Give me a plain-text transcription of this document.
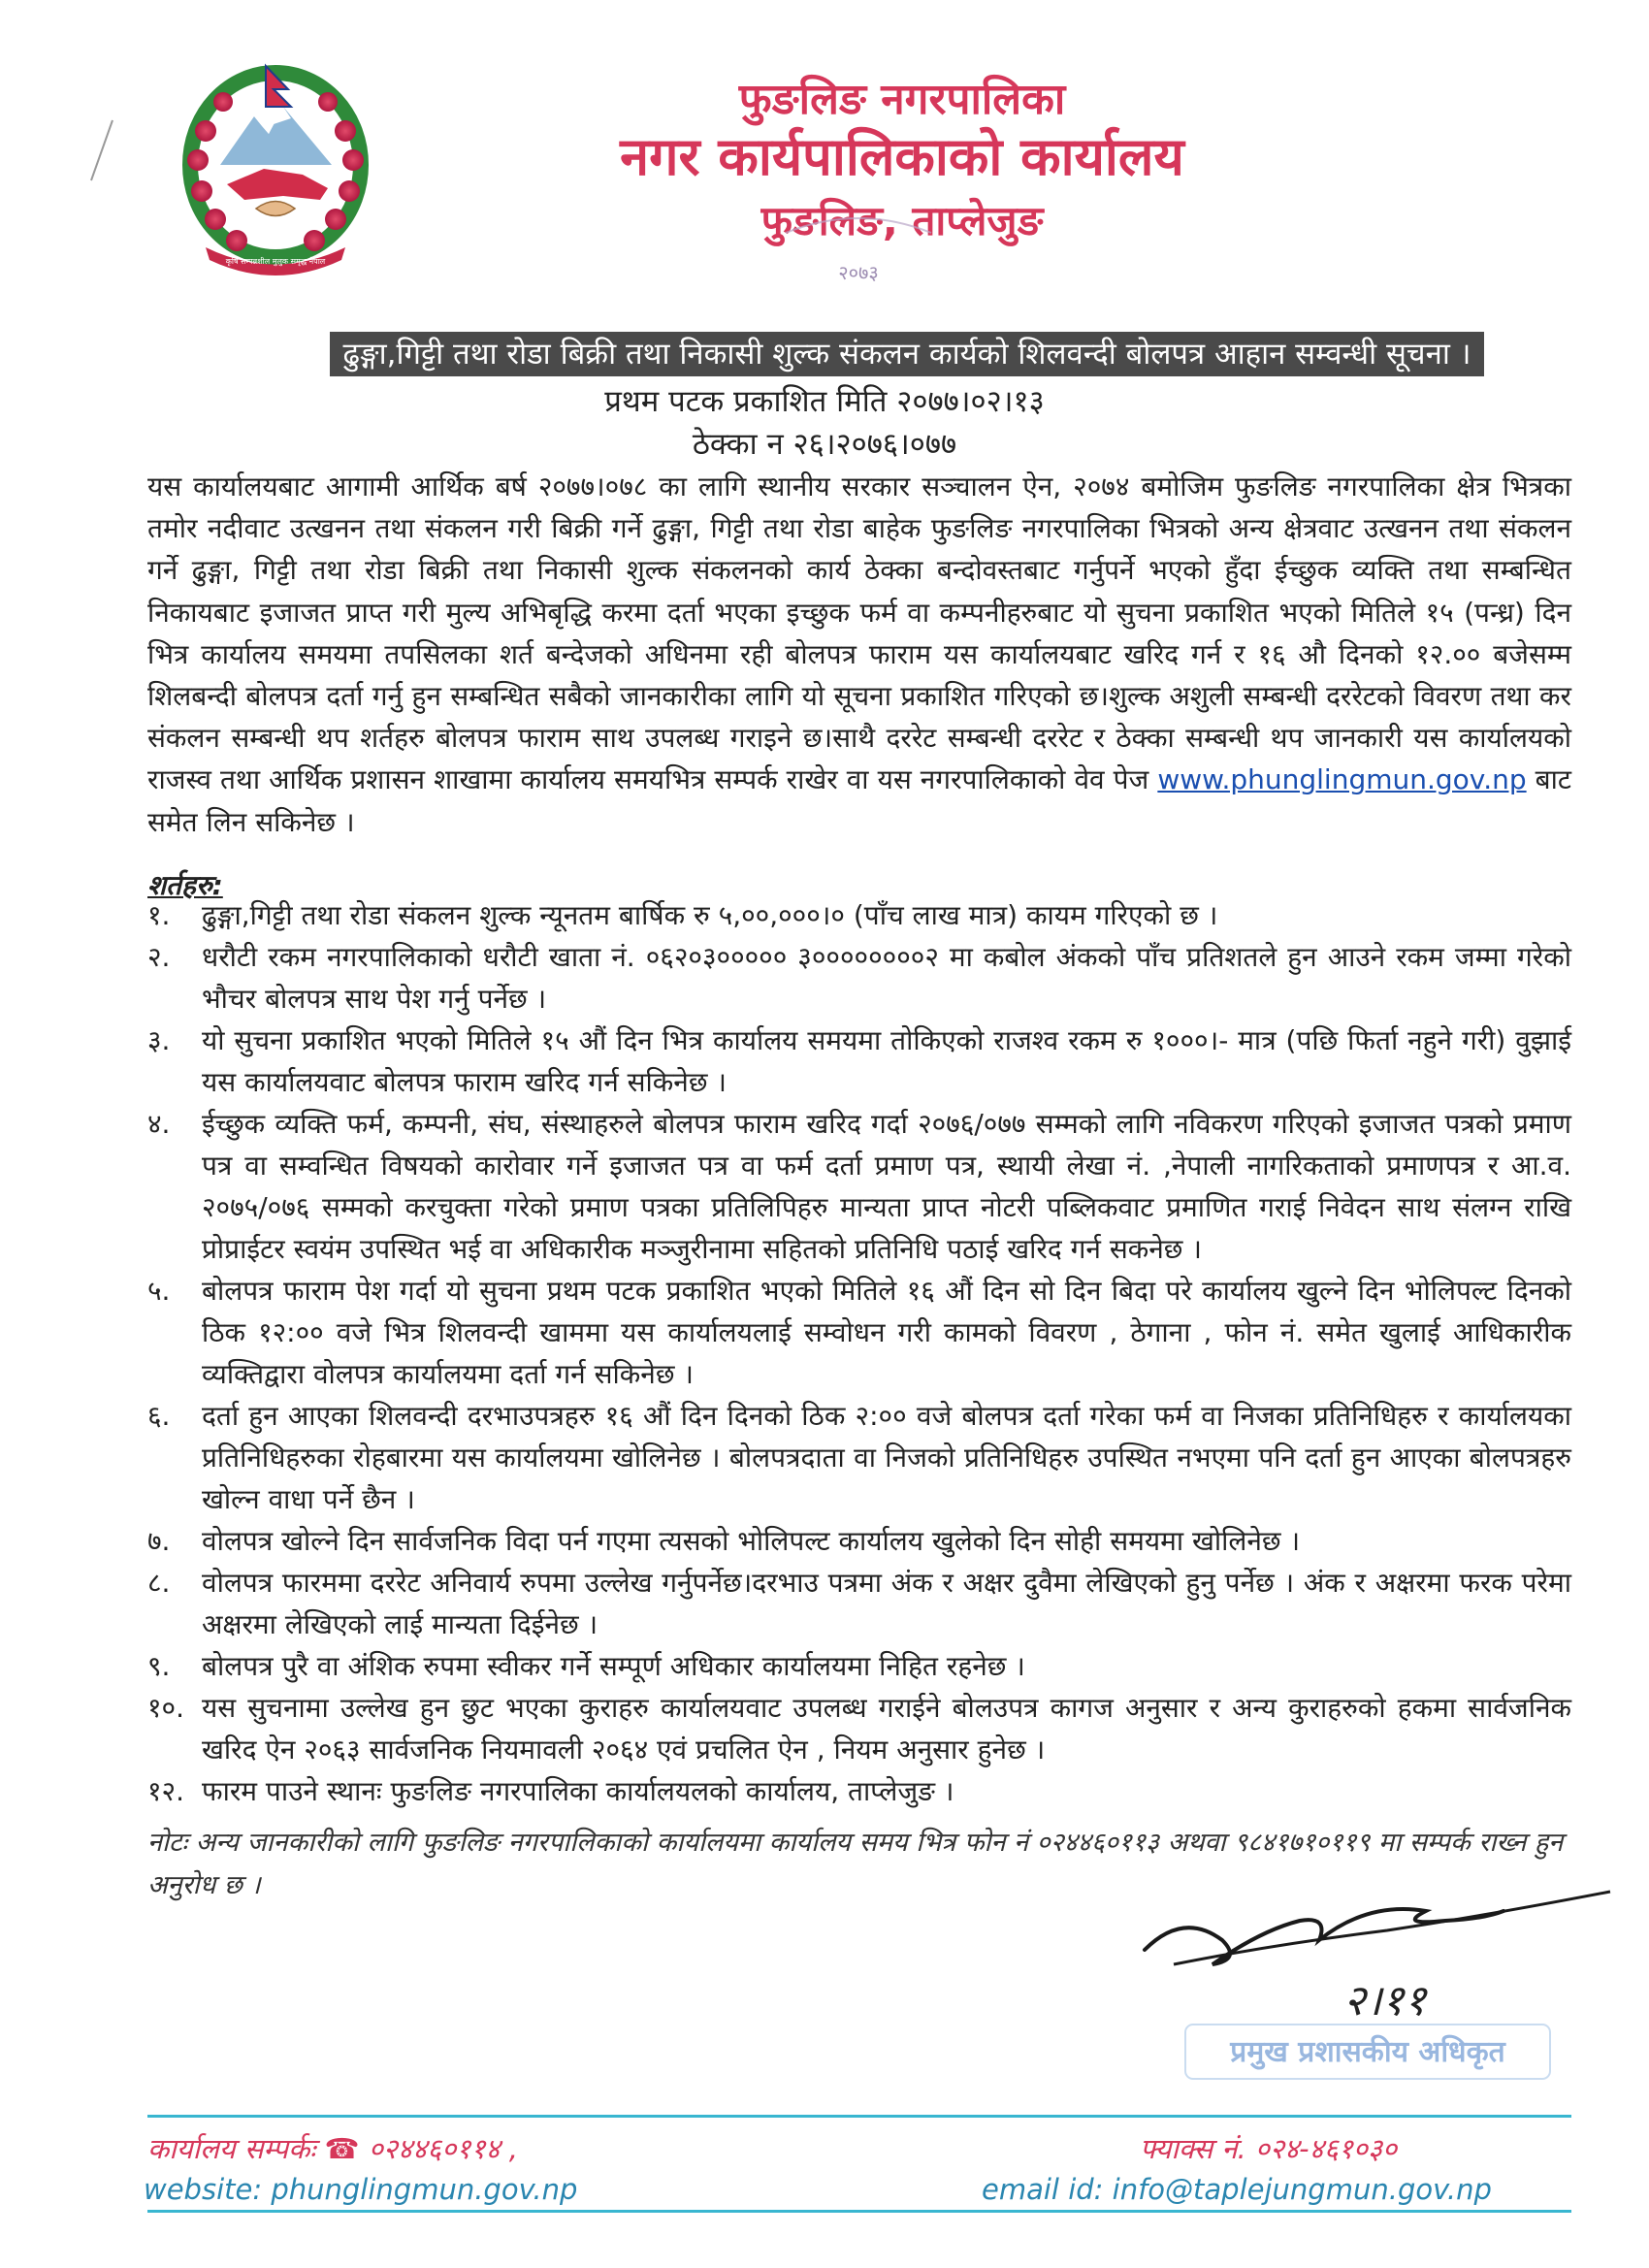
कृषि सम्पन्नशील मुलुक समृद्ध नेपाल
फुङलिङ नगरपालिका
नगर कार्यपालिकाको कार्यालय
फुङलिङ, ताप्लेजुङ
२०७३
ढुङ्गा,गिट्टी तथा रोडा बिक्री तथा निकासी शुल्क संकलन कार्यको शिलवन्दी बोलपत्र आहान सम्वन्धी सूचना ।
प्रथम पटक प्रकाशित मिति २०७७।०२।१३
ठेक्का न २६।२०७६।०७७

यस कार्यालयबाट आगामी आर्थिक बर्ष २०७७।०७८ का लागि स्थानीय सरकार सञ्चालन ऐन, २०७४ बमोजिम फुङलिङ नगरपालिका क्षेत्र भित्रका तमोर नदीवाट उत्खनन तथा संकलन गरी बिक्री गर्ने ढुङ्गा, गिट्टी तथा रोडा बाहेक फुङलिङ नगरपालिका भित्रको अन्य क्षेत्रवाट उत्खनन तथा संकलन गर्ने ढुङ्गा, गिट्टी तथा रोडा बिक्री तथा निकासी शुल्क संकलनको कार्य ठेक्का बन्दोवस्तबाट गर्नुपर्ने भएको हुँदा ईच्छुक व्यक्ति तथा सम्बन्धित निकायबाट इजाजत प्राप्त गरी मुल्य अभिबृद्धि करमा दर्ता भएका इच्छुक फर्म वा कम्पनीहरुबाट यो सुचना प्रकाशित भएको मितिले १५ (पन्ध्र) दिन भित्र कार्यालय समयमा तपसिलका शर्त बन्देजको अधिनमा रही बोलपत्र फाराम यस कार्यालयबाट खरिद गर्न र १६ औ दिनको १२.०० बजेसम्म शिलबन्दी बोलपत्र दर्ता गर्नु हुन सम्बन्धित सबैको जानकारीका लागि यो सूचना प्रकाशित गरिएको छ।शुल्क अशुली सम्बन्धी दररेटको विवरण तथा कर संकलन सम्बन्धी थप शर्तहरु बोलपत्र फाराम साथ उपलब्ध गराइने छ।साथै दररेट सम्बन्धी दररेट र ठेक्का सम्बन्धी थप जानकारी यस कार्यालयको राजस्व तथा आर्थिक प्रशासन शाखामा कार्यालय समयभित्र सम्पर्क राखेर वा यस नगरपालिकाको वेव पेज www.phunglingmun.gov.np बाट समेत लिन सकिनेछ ।

शर्तहरु:
१. ढुङ्गा,गिट्टी तथा रोडा संकलन शुल्क न्यूनतम बार्षिक रु ५,००,०००।० (पाँच लाख मात्र) कायम गरिएको छ ।
२. धरौटी रकम नगरपालिकाको धरौटी खाता नं. ०६२०३००००० ३००००००००२ मा कबोल अंकको पाँच प्रतिशतले हुन आउने रकम जम्मा गरेको भौचर बोलपत्र साथ पेश गर्नु पर्नेछ ।
३. यो सुचना प्रकाशित भएको मितिले १५ औं दिन भित्र कार्यालय समयमा तोकिएको राजश्व रकम रु १०००।- मात्र (पछि फिर्ता नहुने गरी) वुझाई यस कार्यालयवाट बोलपत्र फाराम खरिद गर्न सकिनेछ ।
४. ईच्छुक व्यक्ति फर्म, कम्पनी, संघ, संस्थाहरुले बोलपत्र फाराम खरिद गर्दा २०७६/०७७ सम्मको लागि नविकरण गरिएको इजाजत पत्रको प्रमाण पत्र वा सम्वन्धित विषयको कारोवार गर्ने इजाजत पत्र वा फर्म दर्ता प्रमाण पत्र, स्थायी लेखा नं. ,नेपाली नागरिकताको प्रमाणपत्र र आ.व. २०७५/०७६ सम्मको करचुक्ता गरेको प्रमाण पत्रका प्रतिलिपिहरु मान्यता प्राप्त नोटरी पब्लिकवाट प्रमाणित गराई निवेदन साथ संलग्न राखि प्रोप्राईटर स्वयंम उपस्थित भई वा अधिकारीक मञ्जुरीनामा सहितको प्रतिनिधि पठाई खरिद गर्न सकनेछ ।
५. बोलपत्र फाराम पेश गर्दा यो सुचना प्रथम पटक प्रकाशित भएको मितिले १६ औं दिन सो दिन बिदा परे कार्यालय खुल्ने दिन भोलिपल्ट दिनको ठिक १२:०० वजे भित्र शिलवन्दी खाममा यस कार्यालयलाई सम्वोधन गरी कामको विवरण , ठेगाना , फोन नं. समेत खुलाई आधिकारीक व्यक्तिद्वारा वोलपत्र कार्यालयमा दर्ता गर्न सकिनेछ ।
६. दर्ता हुन आएका शिलवन्दी दरभाउपत्रहरु १६ औं दिन दिनको ठिक २:०० वजे बोलपत्र दर्ता गरेका फर्म वा निजका प्रतिनिधिहरु र कार्यालयका प्रतिनिधिहरुका रोहबारमा यस कार्यालयमा खोलिनेछ । बोलपत्रदाता वा निजको प्रतिनिधिहरु उपस्थित नभएमा पनि दर्ता हुन आएका बोलपत्रहरु खोल्न वाधा पर्ने छैन ।
७. वोलपत्र खोल्ने दिन सार्वजनिक विदा पर्न गएमा त्यसको भोलिपल्ट कार्यालय खुलेको दिन सोही समयमा खोलिनेछ ।
८. वोलपत्र फारममा दररेट अनिवार्य रुपमा उल्लेख गर्नुपर्नेछ।दरभाउ पत्रमा अंक र अक्षर दुवैमा लेखिएको हुनु पर्नेछ । अंक र अक्षरमा फरक परेमा अक्षरमा लेखिएको लाई मान्यता दिईनेछ ।
९. बोलपत्र पुरै वा अंशिक रुपमा स्वीकर गर्ने सम्पूर्ण अधिकार कार्यालयमा निहित रहनेछ ।
१०. यस सुचनामा उल्लेख हुन छुट भएका कुराहरु कार्यालयवाट उपलब्ध गराईने बोलउपत्र कागज अनुसार र अन्य कुराहरुको हकमा सार्वजनिक खरिद ऐन २०६३ सार्वजनिक नियमावली २०६४ एवं प्रचलित ऐन , नियम अनुसार हुनेछ ।
१२. फारम पाउने स्थानः फुङलिङ नगरपालिका कार्यालयलको कार्यालय, ताप्लेजुङ ।

नोटः अन्य जानकारीको लागि फुङलिङ नगरपालिकाको कार्यालयमा कार्यालय समय भित्र फोन नं ०२४४६०११३ अथवा ९८४१७१०११९ मा सम्पर्क राख्न हुन अनुरोध छ ।

२।११
प्रमुख प्रशासकीय अधिकृत
कार्यालय सम्पर्कः ☎ ०२४४६०११४ ,	फ्याक्स नं. ०२४-४६१०३०
website: phunglingmun.gov.np	email id: info@taplejungmun.gov.np
